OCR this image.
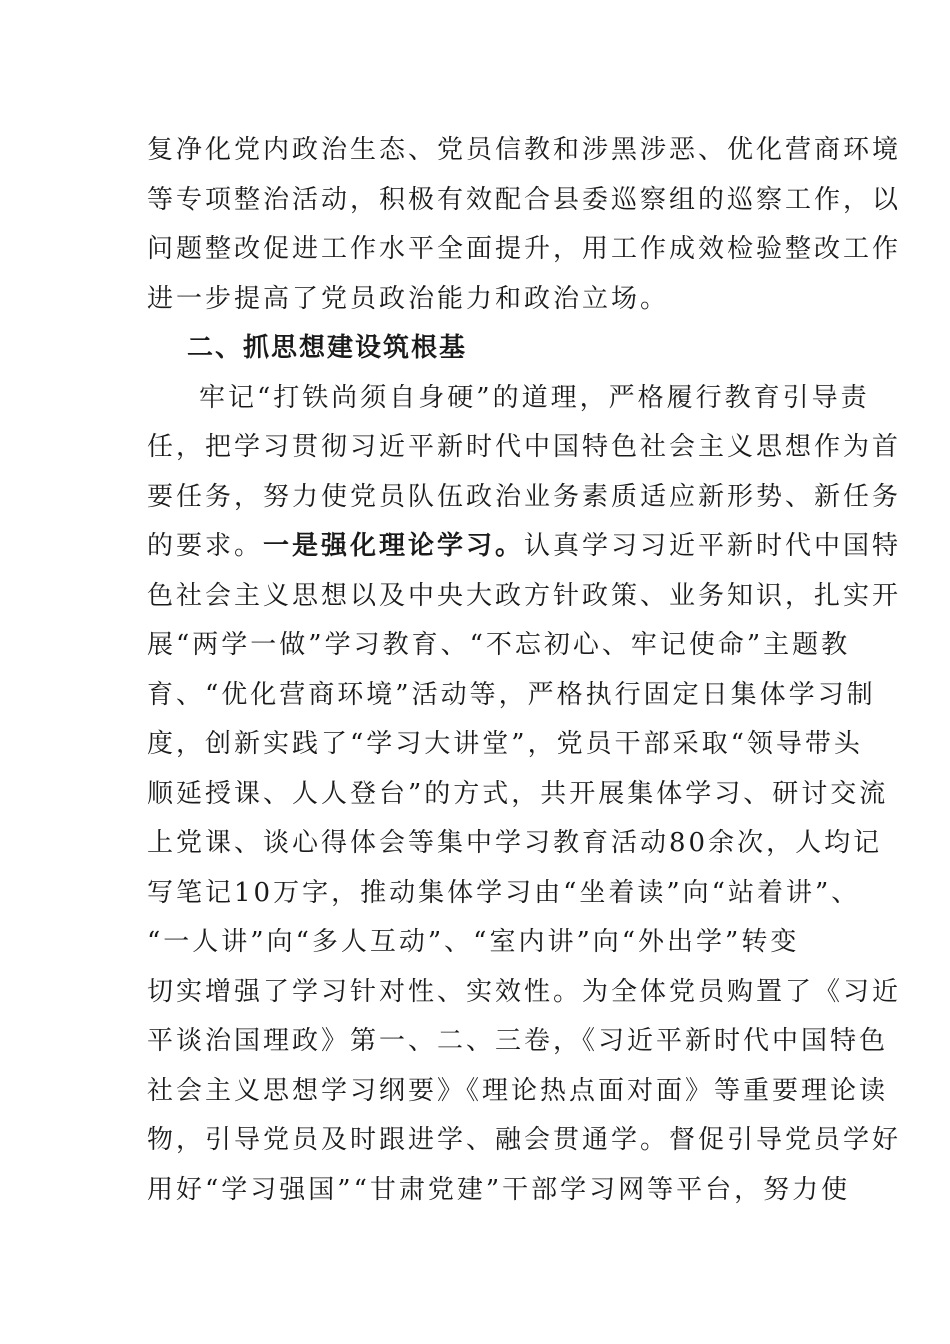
复净化党内政治生态、党员信教和涉黑涉恶、优化营商环境
等专项整治活动，积极有效配合县委巡察组的巡察工作，以
问题整改促进工作水平全面提升，用工作成效检验整改工作
进一步提高了党员政治能力和政治立场。
二、抓思想建设筑根基
牢记“打铁尚须自身硬”的道理，严格履行教育引导责
任，把学习贯彻习近平新时代中国特色社会主义思想作为首
要任务，努力使党员队伍政治业务素质适应新形势、新任务
的要求。一是强化理论学习。认真学习习近平新时代中国特
色社会主义思想以及中央大政方针政策、业务知识，扎实开
展“两学一做”学习教育、“不忘初心、牢记使命”主题教
育、“优化营商环境”活动等，严格执行固定日集体学习制
度，创新实践了“学习大讲堂”，党员干部采取“领导带头
顺延授课、人人登台”的方式，共开展集体学习、研讨交流
上党课、谈心得体会等集中学习教育活动80余次，人均记
写笔记10万字，推动集体学习由“坐着读”向“站着讲”、
“一人讲”向“多人互动”、“室内讲”向“外出学”转变
切实增强了学习针对性、实效性。为全体党员购置了《习近
平谈治国理政》第一、二、三卷，《习近平新时代中国特色
社会主义思想学习纲要》《理论热点面对面》等重要理论读
物，引导党员及时跟进学、融会贯通学。督促引导党员学好
用好“学习强国”“甘肃党建”干部学习网等平台，努力使
